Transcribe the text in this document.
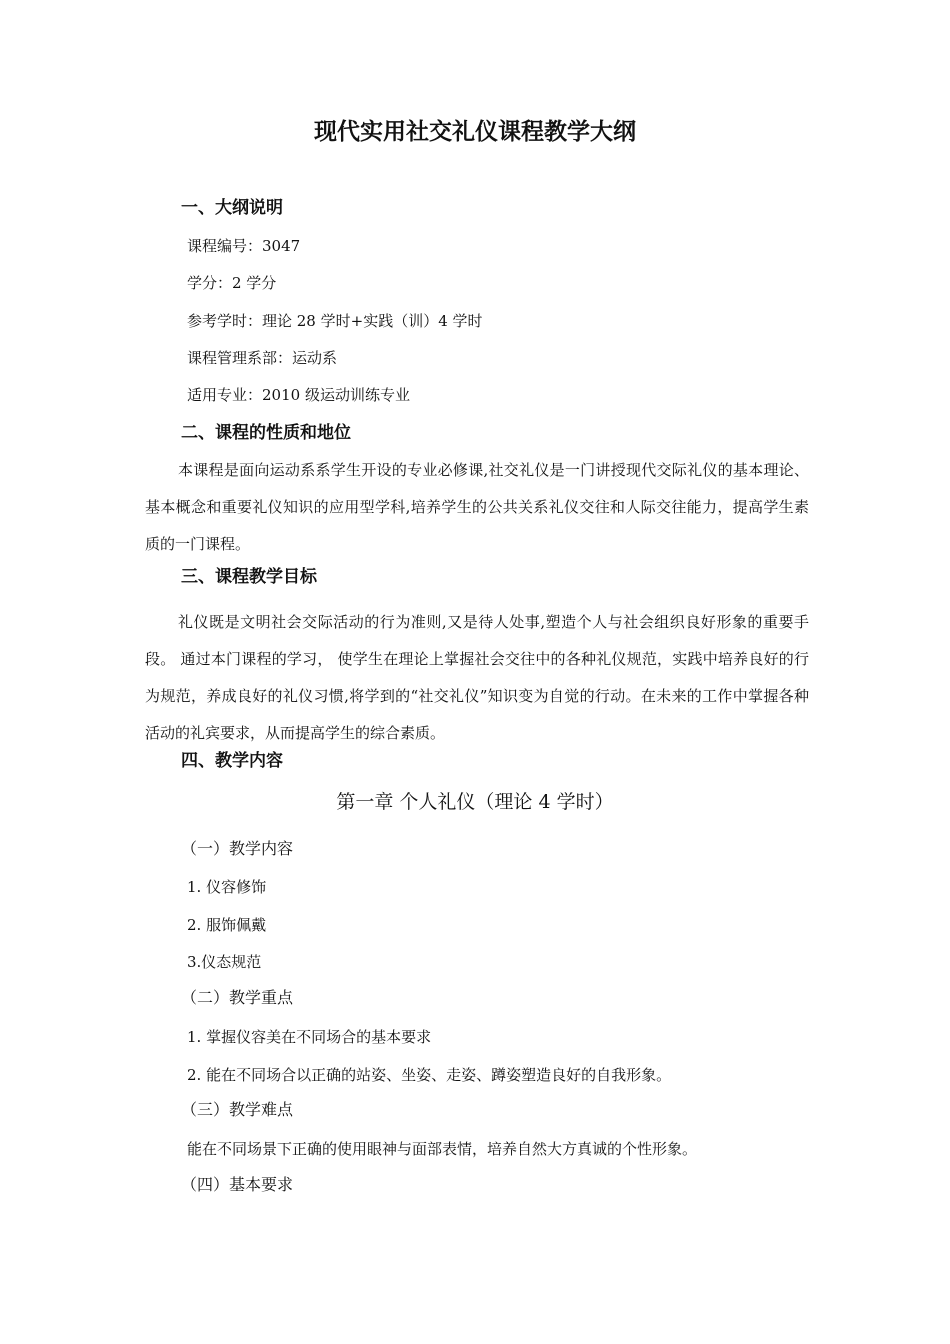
现代实用社交礼仪课程教学大纲
一、大纲说明
课程编号：3047
学分：2 学分
参考学时：理论 28 学时+实践（训）4 学时
课程管理系部：运动系
适用专业：2010 级运动训练专业
二、课程的性质和地位
本课程是面向运动系系学生开设的专业必修课,社交礼仪是一门讲授现代交际礼仪的基本理论、基本概念和重要礼仪知识的应用型学科,培养学生的公共关系礼仪交往和人际交往能力，提高学生素质的一门课程。
三、课程教学目标
礼仪既是文明社会交际活动的行为准则,又是待人处事,塑造个人与社会组织良好形象的重要手段。 通过本门课程的学习， 使学生在理论上掌握社会交往中的各种礼仪规范，实践中培养良好的行为规范，养成良好的礼仪习惯,将学到的“社交礼仪”知识变为自觉的行动。在未来的工作中掌握各种活动的礼宾要求，从而提高学生的综合素质。
四、教学内容
第一章 个人礼仪（理论 4 学时）
（一）教学内容
1. 仪容修饰
2. 服饰佩戴
3.仪态规范
（二）教学重点
1. 掌握仪容美在不同场合的基本要求
2. 能在不同场合以正确的站姿、坐姿、走姿、蹲姿塑造良好的自我形象。
（三）教学难点
能在不同场景下正确的使用眼神与面部表情，培养自然大方真诚的个性形象。
（四）基本要求
